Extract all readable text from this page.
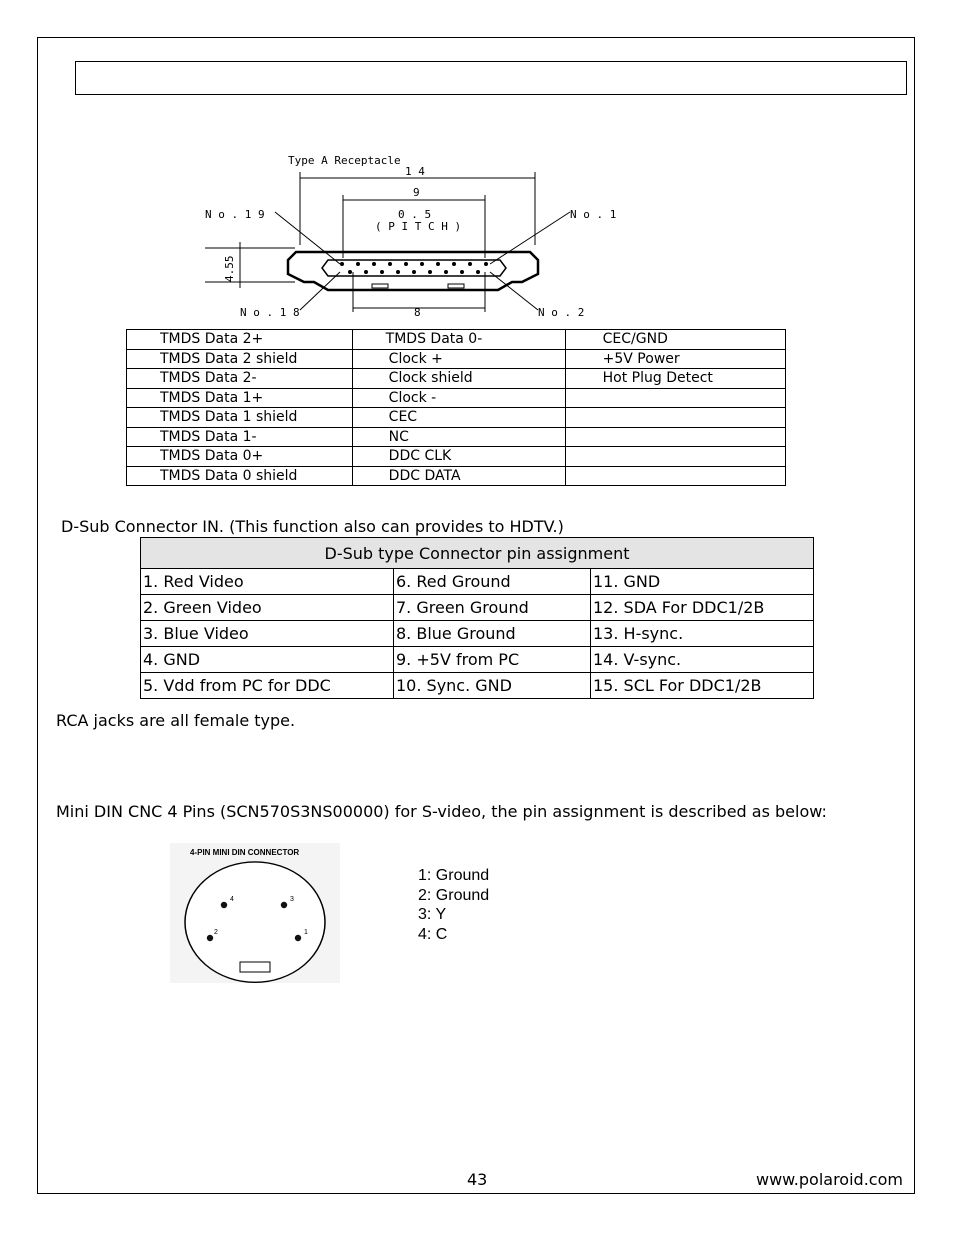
Type A Receptacle
1 4
9
0 . 5
( P I T C H )
N o . 1 9	N o . 1
N o . 1 8	8	N o . 2
4.55
TMDS Data 2+	TMDS Data 0-	CEC/GND
TMDS Data 2 shield	Clock +	+5V Power
TMDS Data 2-	Clock shield	Hot Plug Detect
TMDS Data 1+	Clock -	
TMDS Data 1 shield	CEC	
TMDS Data 1-	NC	
TMDS Data 0+	DDC CLK	
TMDS Data 0 shield	DDC DATA	
D-Sub Connector IN. (This function also can provides to HDTV.)
D-Sub type Connector pin assignment		
1. Red Video	6. Red Ground	11. GND
2. Green Video	7. Green Ground	12. SDA For DDC1/2B
3. Blue Video	8. Blue Ground	13. H-sync.
4. GND	9. +5V from PC	14. V-sync.
5. Vdd from PC for DDC	10. Sync. GND	15. SCL For DDC1/2B
RCA jacks are all female type.
Mini DIN CNC 4 Pins (SCN570S3NS00000) for S-video, the pin assignment is described as below:
4-PIN MINI DIN CONNECTOR
4	3
2	1
1: Ground
2: Ground
3: Y
4: C
43	www.polaroid.com
